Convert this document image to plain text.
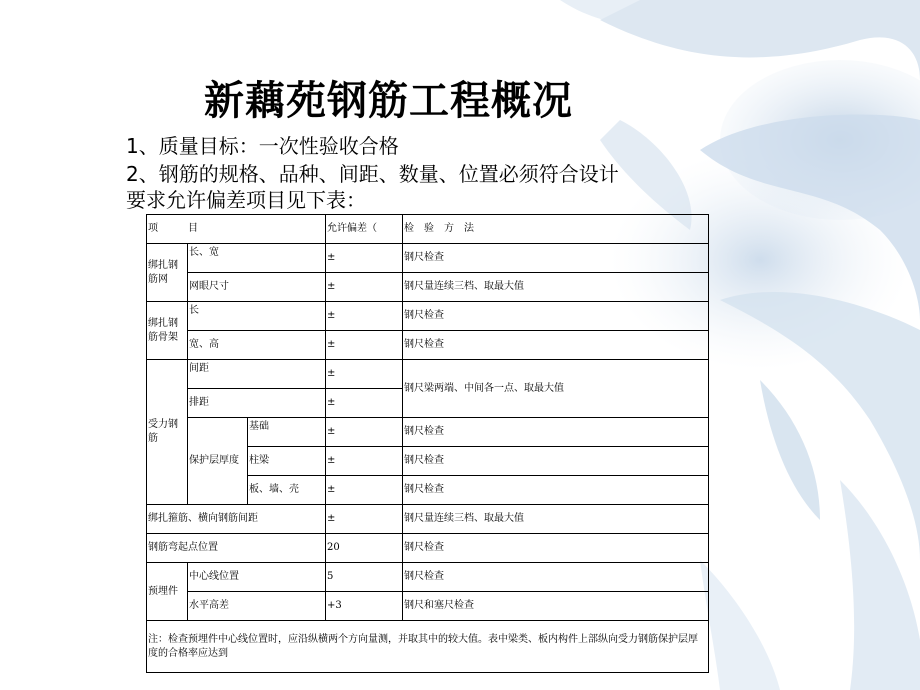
新藕苑钢筋工程概况
1、质量目标：一次性验收合格
2、钢筋的规格、品种、间距、数量、位置必须符合设计
要求允许偏差项目见下表：
项　　　目			允许偏差（	检　验　方　法
绑扎钢筋网	长、宽		±	钢尺检查
	网眼尺寸		±	钢尺量连续三档、取最大值
绑扎钢筋骨架	长		±	钢尺检查
	宽、高		±	钢尺检查
受力钢筋	间距		±	钢尺梁两端、中间各一点、取最大值
	排距		±	
	保护层厚度	基础	±	钢尺检查
		柱梁	±	钢尺检查
		板、墙、壳	±	钢尺检查
绑扎箍筋、横向钢筋间距			±	钢尺量连续三档、取最大值
钢筋弯起点位置			20	钢尺检查
预埋件	中心线位置		5	钢尺检查
	水平高差		+3	钢尺和塞尺检查
注：检查预埋件中心线位置时，应沿纵横两个方向量测，并取其中的较大值。表中梁类、板内构件上部纵向受力钢筋保护层厚度的合格率应达到				
